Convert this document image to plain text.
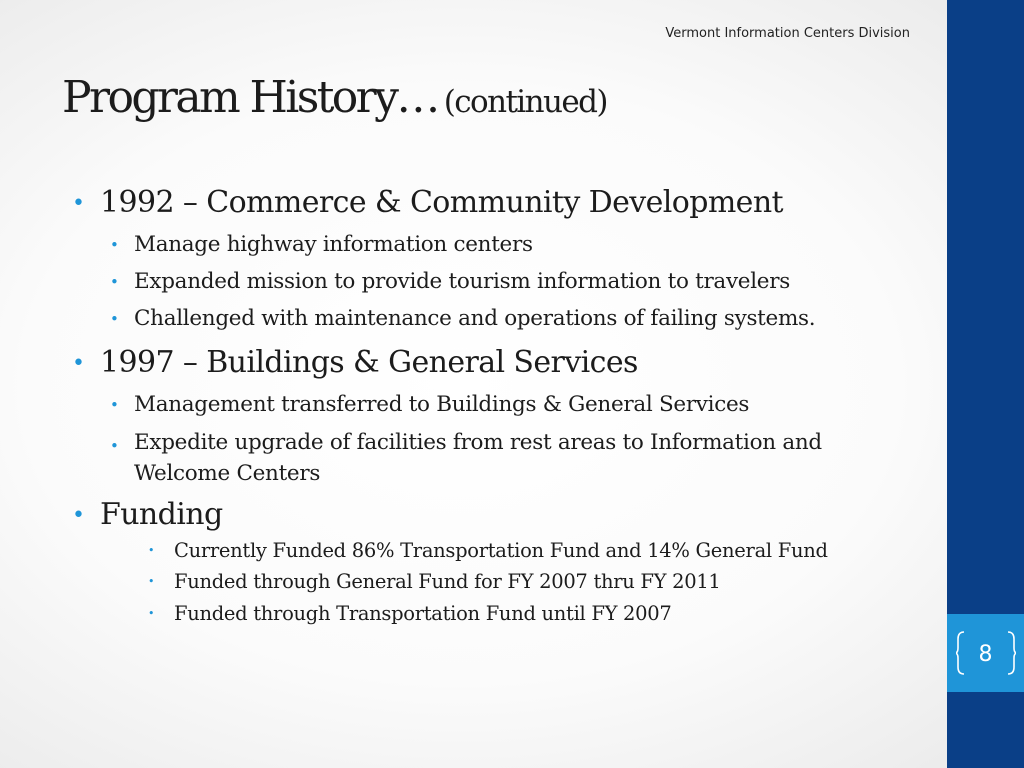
8
Vermont Information Centers Division
Program History… (continued)
• 1992 – Commerce & Community Development
• Manage highway information centers
• Expanded mission to provide tourism information to travelers
• Challenged with maintenance and operations of failing systems.
• 1997 – Buildings & General Services
• Management transferred to Buildings & General Services
• Expedite upgrade of facilities from rest areas to Information and Welcome Centers
• Funding
• Currently Funded 86% Transportation Fund and 14% General Fund
• Funded through General Fund for FY 2007 thru FY 2011
• Funded through Transportation Fund until FY 2007
